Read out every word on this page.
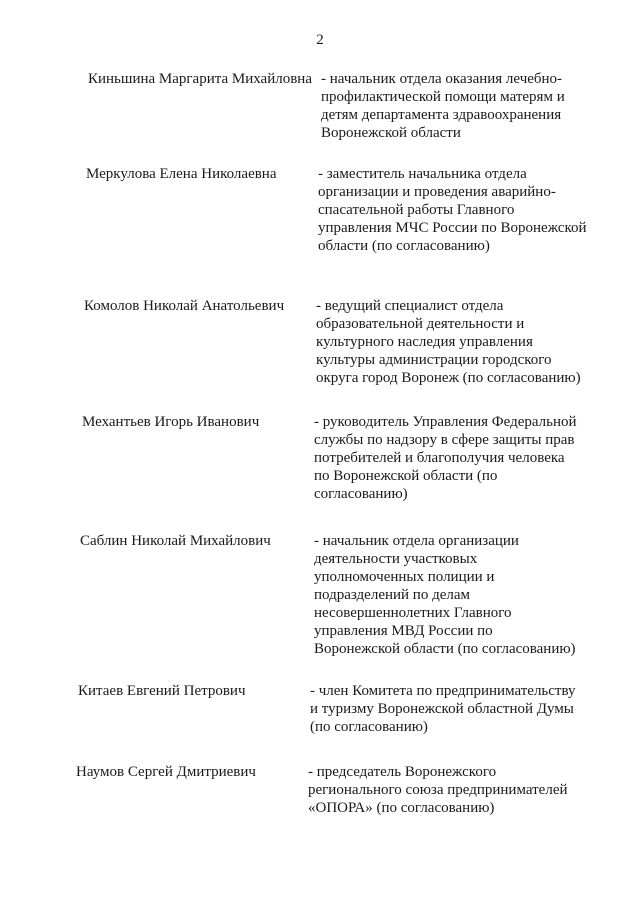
2
Киньшина Маргарита Михайловна - начальник отдела оказания лечебно-
профилактической помощи матерям и
детям департамента здравоохранения
Воронежской области
Меркулова Елена Николаевна	- заместитель начальника отдела
организации и проведения аварийно-
спасательной работы Главного
управления МЧС России по Воронежской
области (по согласованию)
Комолов Николай Анатольевич - ведущий специалист отдела
образовательной деятельности и
культурного наследия управления
культуры администрации городского
округа город Воронеж (по согласованию)
Механтьев Игорь Иванович	- руководитель Управления Федеральной
службы по надзору в сфере защиты прав
потребителей и благополучия человека
по Воронежской области (по
согласованию)
Саблин Николай Михайлович	- начальник отдела организации
деятельности участковых
уполномоченных полиции и
подразделений по делам
несовершеннолетних Главного
управления МВД России по
Воронежской области (по согласованию)
Китаев Евгений Петрович	- член Комитета по предпринимательству
и туризму Воронежской областной Думы
(по согласованию)
Наумов Сергей Дмитриевич	- председатель Воронежского
регионального союза предпринимателей
«ОПОРА» (по согласованию)
